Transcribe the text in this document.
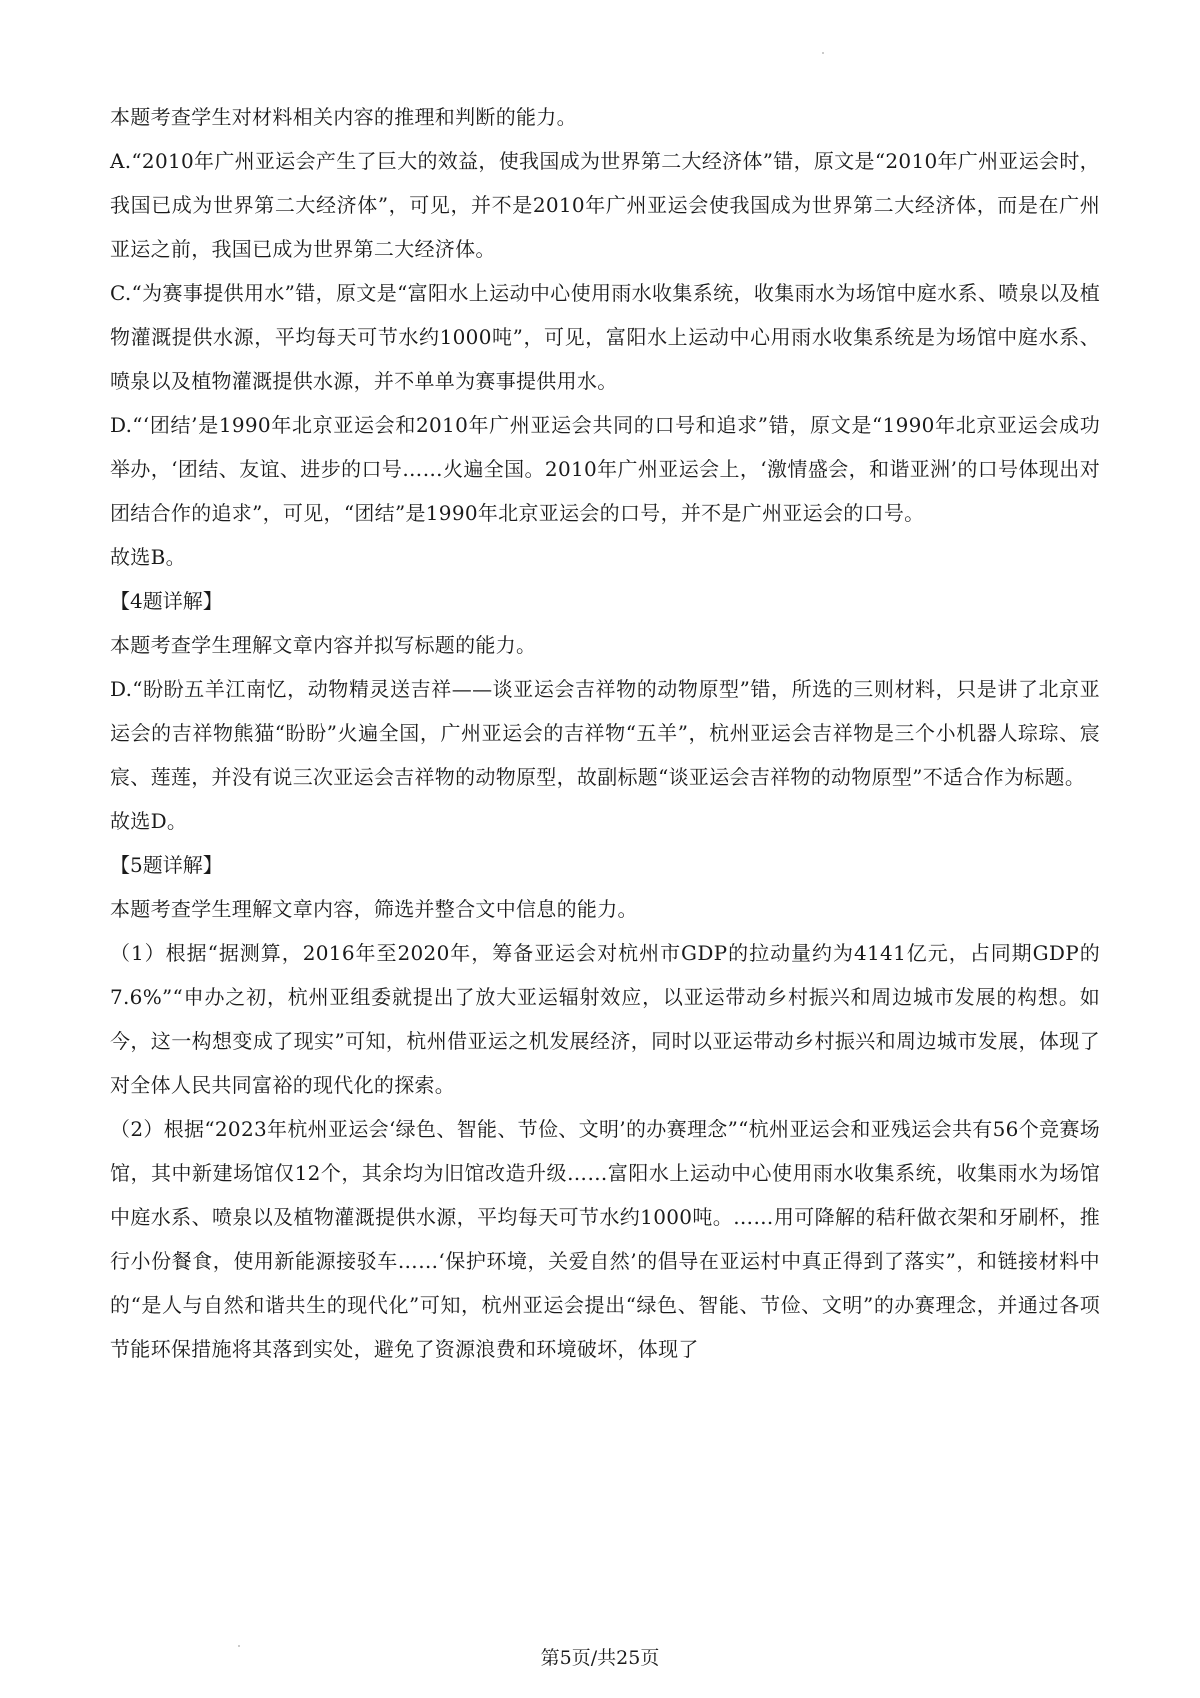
本题考查学生对材料相关内容的推理和判断的能力。

A.“2010年广州亚运会产生了巨大的效益，使我国成为世界第二大经济体”错，原文是“2010年广州亚运会时，我国已成为世界第二大经济体”，可见，并不是2010年广州亚运会使我国成为世界第二大经济体，而是在广州亚运之前，我国已成为世界第二大经济体。

C.“为赛事提供用水”错，原文是“富阳水上运动中心使用雨水收集系统，收集雨水为场馆中庭水系、喷泉以及植物灌溉提供水源，平均每天可节水约1000吨”，可见，富阳水上运动中心用雨水收集系统是为场馆中庭水系、喷泉以及植物灌溉提供水源，并不单单为赛事提供用水。

D.“‘团结’是1990年北京亚运会和2010年广州亚运会共同的口号和追求”错，原文是“1990年北京亚运会成功举办，‘团结、友谊、进步的口号……火遍全国。2010年广州亚运会上，‘激情盛会，和谐亚洲’的口号体现出对团结合作的追求”，可见，“团结”是1990年北京亚运会的口号，并不是广州亚运会的口号。

故选B。

【4题详解】

本题考查学生理解文章内容并拟写标题的能力。

D.“盼盼五羊江南忆，动物精灵送吉祥——谈亚运会吉祥物的动物原型”错，所选的三则材料，只是讲了北京亚运会的吉祥物熊猫“盼盼”火遍全国，广州亚运会的吉祥物“五羊”，杭州亚运会吉祥物是三个小机器人琮琮、宸宸、莲莲，并没有说三次亚运会吉祥物的动物原型，故副标题“谈亚运会吉祥物的动物原型”不适合作为标题。

故选D。

【5题详解】

本题考查学生理解文章内容，筛选并整合文中信息的能力。

（1）根据“据测算，2016年至2020年，筹备亚运会对杭州市GDP的拉动量约为4141亿元，占同期GDP的7.6%”“申办之初，杭州亚组委就提出了放大亚运辐射效应，以亚运带动乡村振兴和周边城市发展的构想。如今，这一构想变成了现实”可知，杭州借亚运之机发展经济，同时以亚运带动乡村振兴和周边城市发展，体现了对全体人民共同富裕的现代化的探索。

（2）根据“2023年杭州亚运会‘绿色、智能、节俭、文明’的办赛理念”“杭州亚运会和亚残运会共有56个竞赛场馆，其中新建场馆仅12个，其余均为旧馆改造升级……富阳水上运动中心使用雨水收集系统，收集雨水为场馆中庭水系、喷泉以及植物灌溉提供水源，平均每天可节水约1000吨。……用可降解的秸秆做衣架和牙刷杯，推行小份餐食，使用新能源接驳车……‘保护环境，关爱自然’的倡导在亚运村中真正得到了落实”，和链接材料中的“是人与自然和谐共生的现代化”可知，杭州亚运会提出“绿色、智能、节俭、文明”的办赛理念，并通过各项节能环保措施将其落到实处，避免了资源浪费和环境破坏，体现了

第5页/共25页
